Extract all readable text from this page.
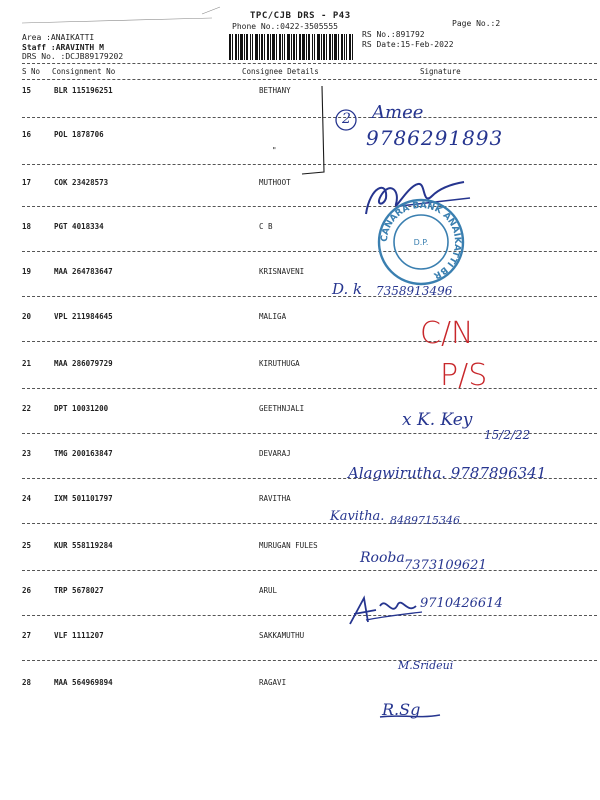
TPC/CJB DRS - P43
Phone No.:0422-3505555	Page No.:2
Area :ANAIKATTI
Staff :ARAVINTH M
DRS No. :DCJB89179202
RS No.:891792
RS Date:15-Feb-2022
S No Consignment No	Consignee Details	Signature
15	BLR 115196251	BETHANY
16	POL 1878706
"
17	COK 23428573	MUTHOOT
18	PGT 4018334	C B
19	MAA 264783647	KRISNAVENI
20	VPL 211984645	MALIGA
21	MAA 286079729	KIRUTHUGA
22	DPT 10031200	GEETHNJALI
23	TMG 200163847	DEVARAJ
24	IXM 501101797	RAVITHA
25	KUR 558119284	MURUGAN FULES
26	TRP 5678027	ARUL
27	VLF 1111207	SAKKAMUTHU
28	MAA 564969894	RAGAVI
2 Amee
9786291893
CANARA BANK ANAIKATTI BR
D.P.
D. k 7358913496
C/N
P/S
x K. Key
15/2/22
Alagwirutha. 9787896341
Kavitha. 8489715346
Rooba 7373109621
9710426614
M.Srideui
R.Sg
